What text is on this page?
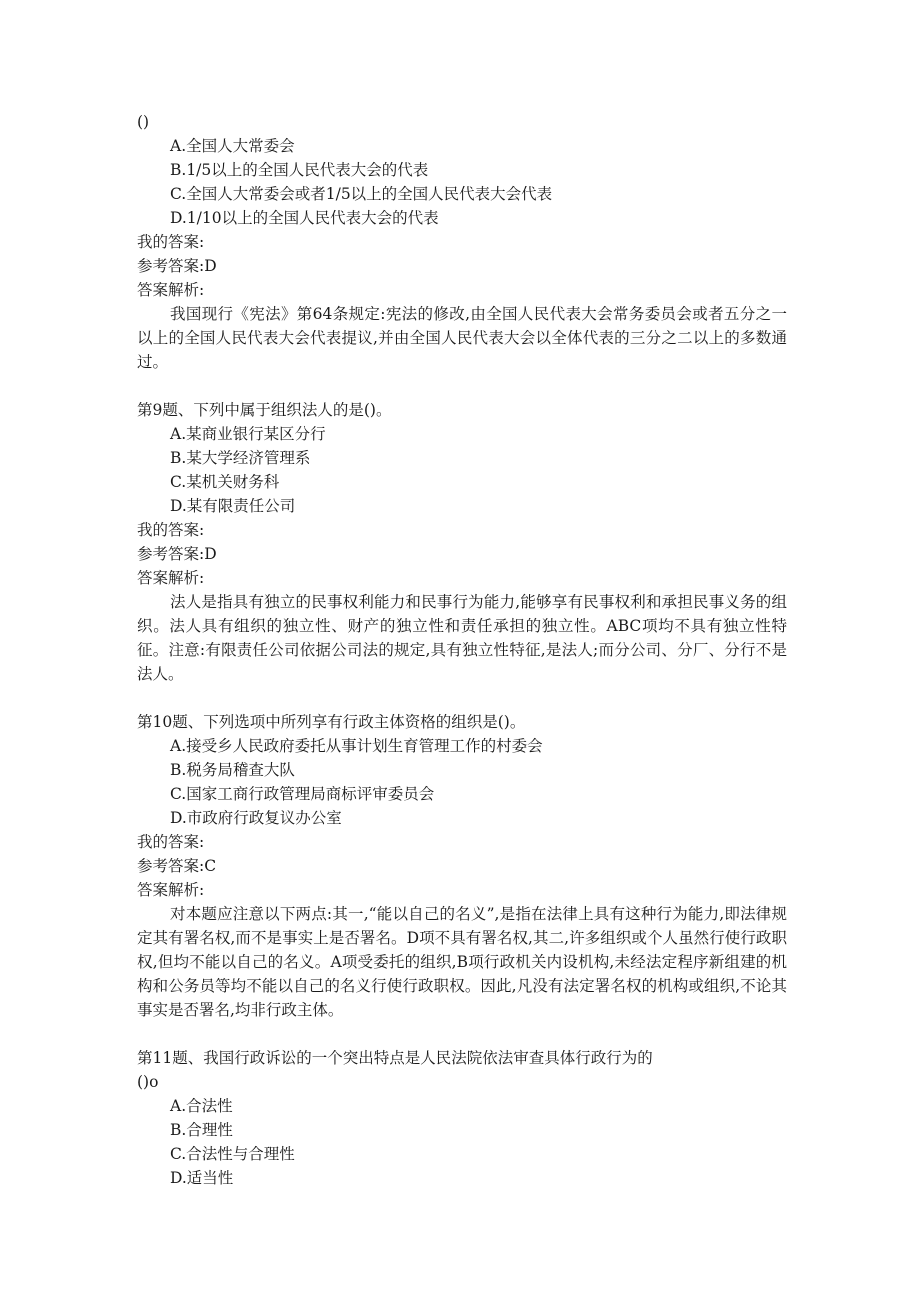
()
A.全国人大常委会
B.1/5以上的全国人民代表大会的代表
C.全国人大常委会或者1/5以上的全国人民代表大会代表
D.1/10以上的全国人民代表大会的代表
我的答案:
参考答案:D
答案解析:
我国现行《宪法》第64条规定:宪法的修改,由全国人民代表大会常务委员会或者五分之一以上的全国人民代表大会代表提议,并由全国人民代表大会以全体代表的三分之二以上的多数通过。
第9题、下列中属于组织法人的是()。
A.某商业银行某区分行
B.某大学经济管理系
C.某机关财务科
D.某有限责任公司
我的答案:
参考答案:D
答案解析:
法人是指具有独立的民事权利能力和民事行为能力,能够享有民事权利和承担民事义务的组织。法人具有组织的独立性、财产的独立性和责任承担的独立性。ABC项均不具有独立性特征。注意:有限责任公司依据公司法的规定,具有独立性特征,是法人;而分公司、分厂、分行不是法人。
第10题、下列选项中所列享有行政主体资格的组织是()。
A.接受乡人民政府委托从事计划生育管理工作的村委会
B.税务局稽查大队
C.国家工商行政管理局商标评审委员会
D.市政府行政复议办公室
我的答案:
参考答案:C
答案解析:
对本题应注意以下两点:其一,“能以自己的名义”,是指在法律上具有这种行为能力,即法律规定其有署名权,而不是事实上是否署名。D项不具有署名权,其二,许多组织或个人虽然行使行政职权,但均不能以自己的名义。A项受委托的组织,B项行政机关内设机构,未经法定程序新组建的机构和公务员等均不能以自己的名义行使行政职权。因此,凡没有法定署名权的机构或组织,不论其事实是否署名,均非行政主体。
第11题、我国行政诉讼的一个突出特点是人民法院依法审查具体行政行为的
()o
A.合法性
B.合理性
C.合法性与合理性
D.适当性
